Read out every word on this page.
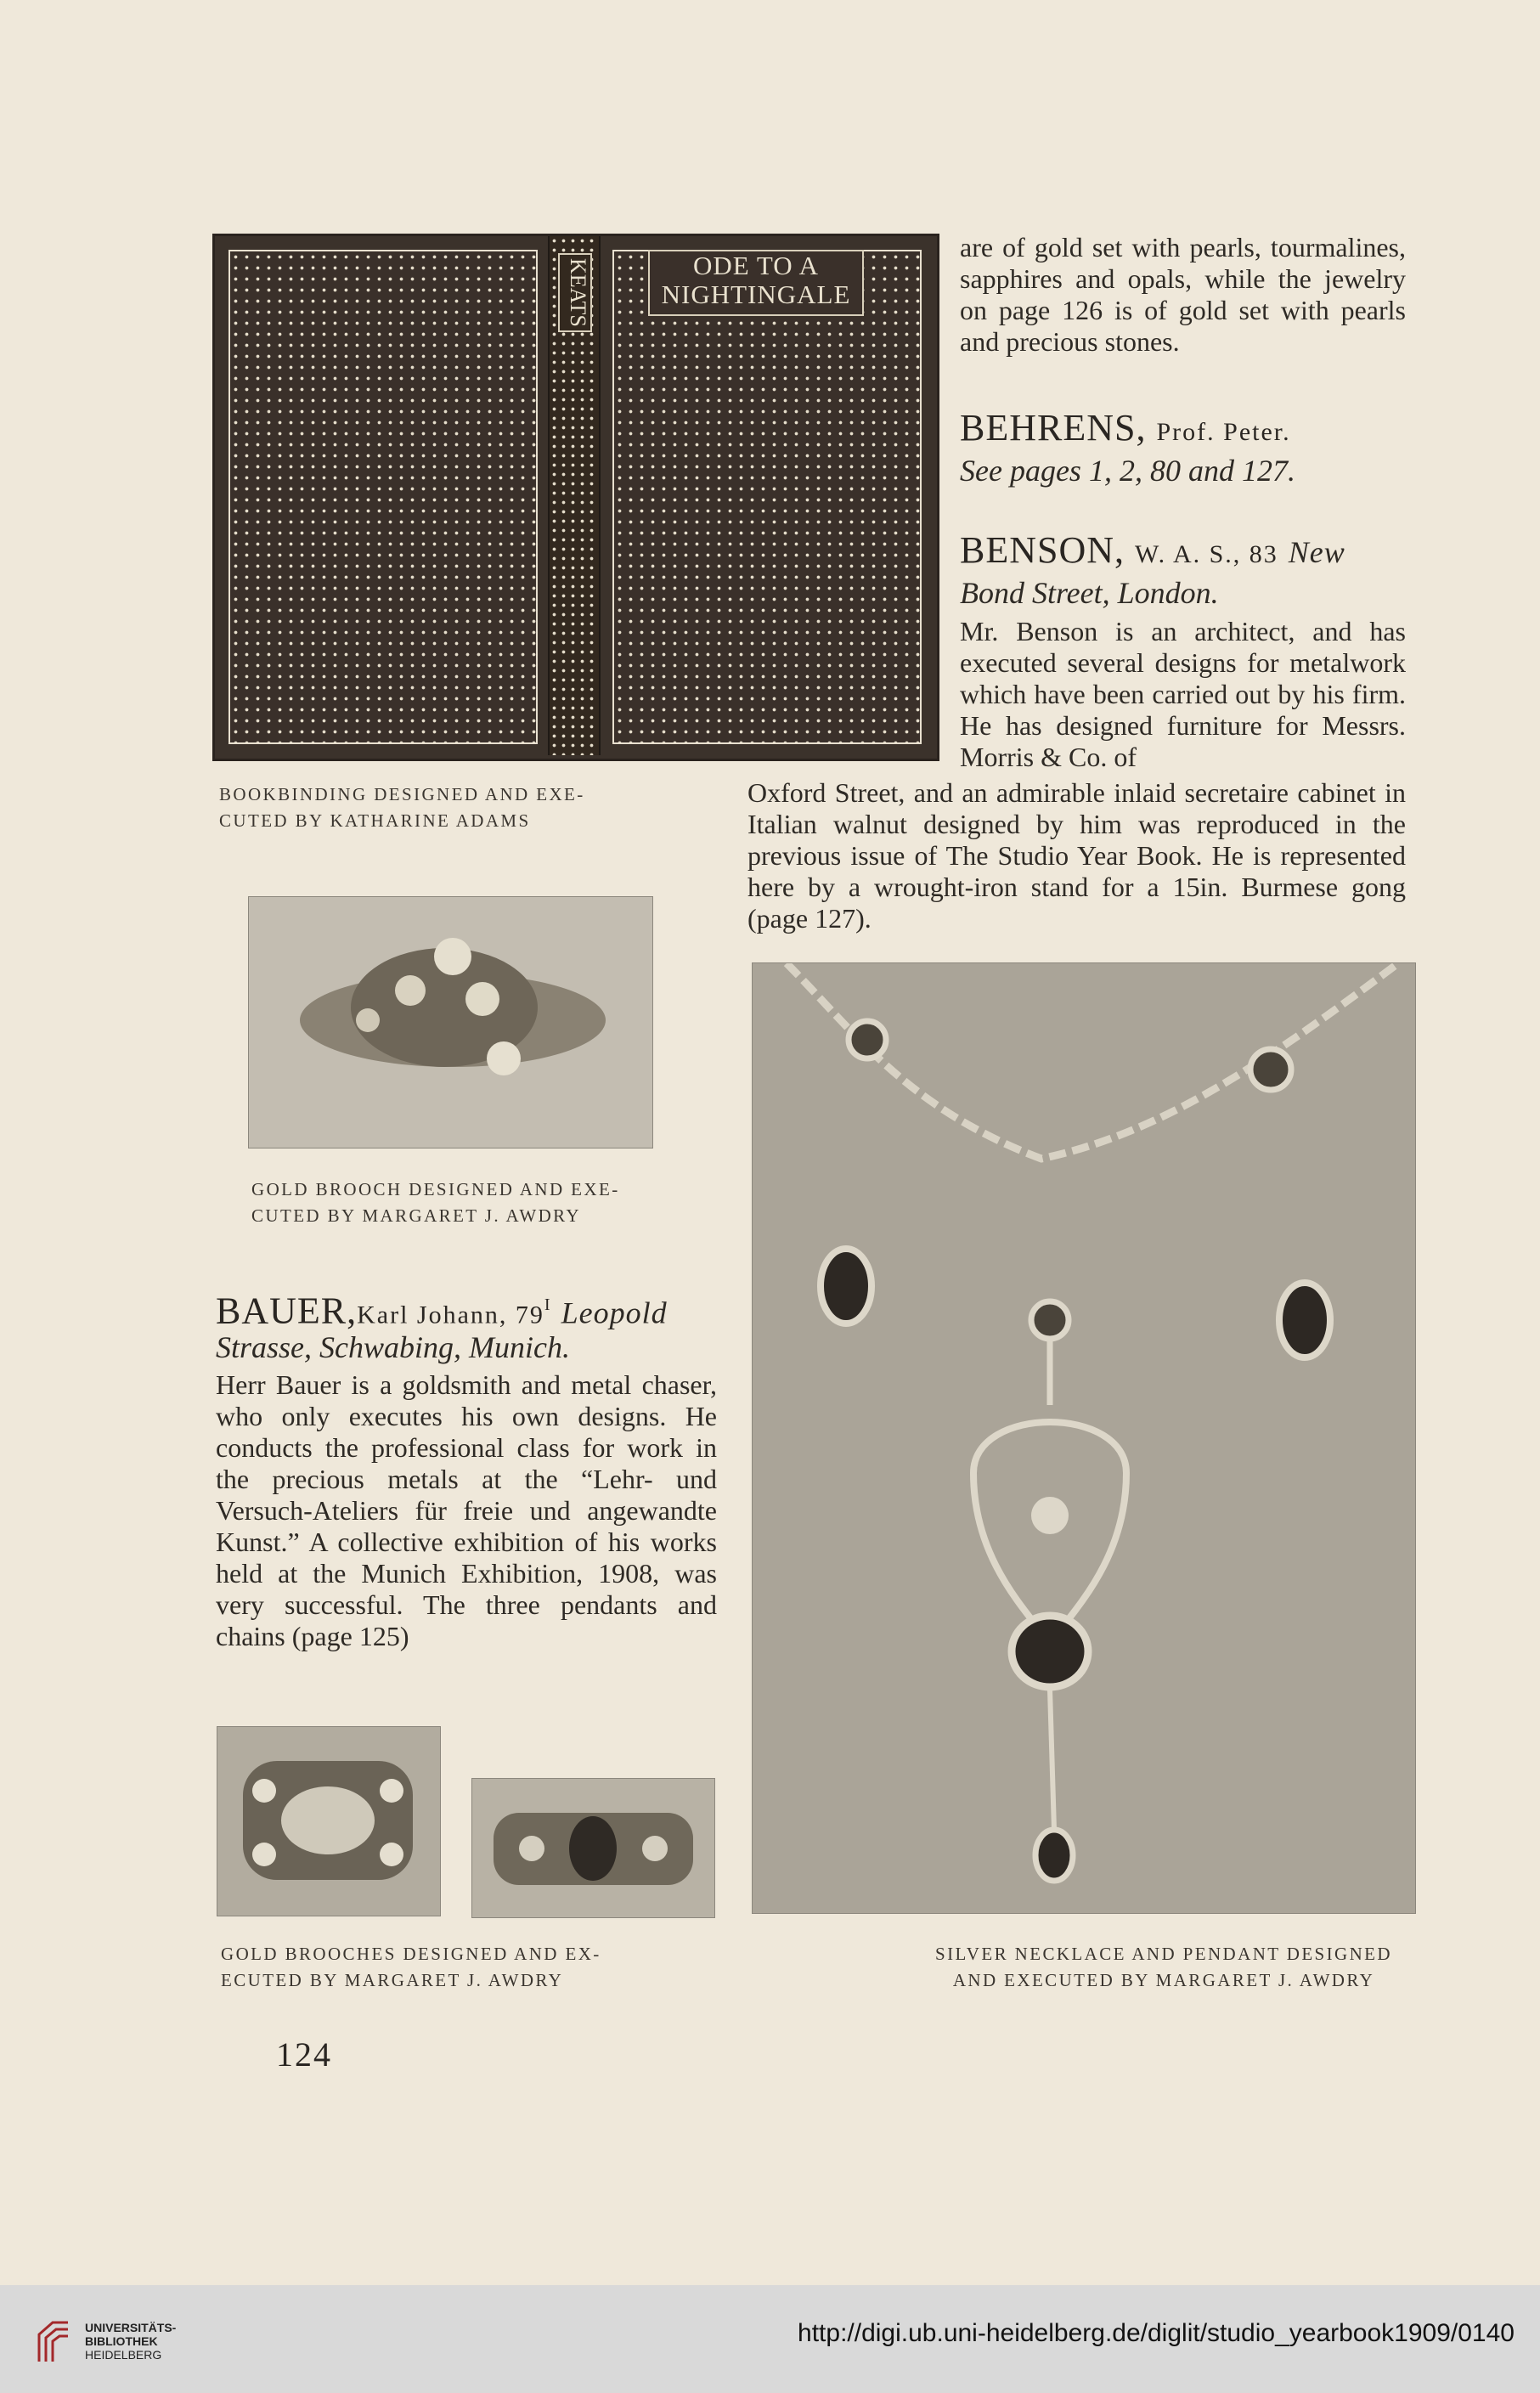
KEATS	ODE TO A
NIGHTINGALE
BOOKBINDING DESIGNED AND EXE-
CUTED BY KATHARINE ADAMS
are of gold set with pearls, tourmalines, sapphires and opals, while the jewelry on page 126 is of gold set with pearls and precious stones.
BEHRENS, Prof. Peter.
See pages 1, 2, 80 and 127.
BENSON, W. A. S., 83 New
Bond Street, London.
Mr. Benson is an architect, and has executed several designs for metalwork which have been carried out by his firm. He has designed furniture for Messrs. Morris & Co. of
Oxford Street, and an admirable inlaid secretaire cabinet in Italian walnut designed by him was reproduced in the previous issue of The Studio Year Book. He is represented here by a wrought-iron stand for a 15in. Burmese gong (page 127).
GOLD BROOCH DESIGNED AND EXE-
CUTED BY MARGARET J. AWDRY
BAUER,Karl Johann, $79^I$ Leopold
Strasse, Schwabing, Munich.
Herr Bauer is a goldsmith and metal chaser, who only executes his own designs. He conducts the professional class for work in the precious metals at the “Lehr- und Versuch-Ateliers für freie und angewandte Kunst.” A collective exhibition of his works held at the Munich Exhibition, 1908, was very successful. The three pendants and chains (page 125)
GOLD BROOCHES DESIGNED AND EX-
ECUTED BY MARGARET J. AWDRY
SILVER NECKLACE AND PENDANT DESIGNED
AND EXECUTED BY MARGARET J. AWDRY
124
UNIVERSITÄTS-
BIBLIOTHEK
HEIDELBERG
http://digi.ub.uni-heidelberg.de/diglit/studio_yearbook1909/0140
